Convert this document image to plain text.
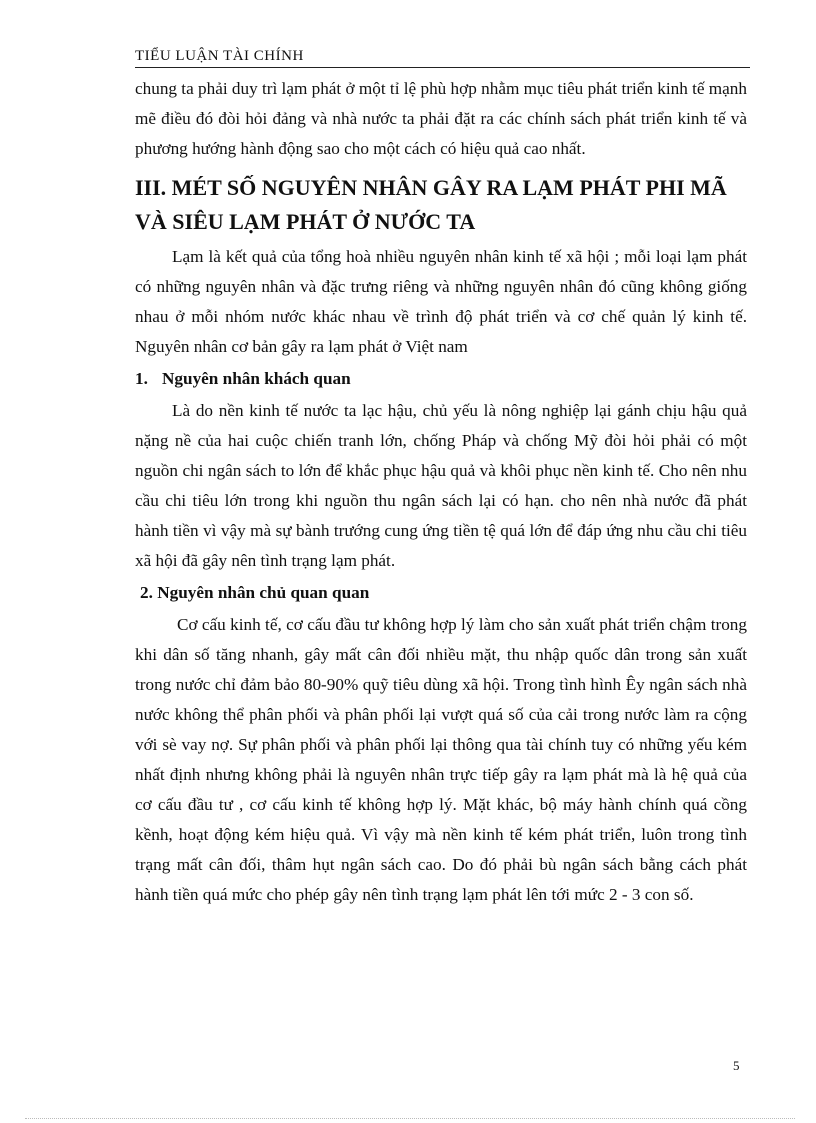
TIỂU LUẬN TÀI CHÍNH

chung ta phải duy trì lạm phát ở một tỉ lệ phù hợp nhằm mục tiêu phát triển kinh tế mạnh mẽ điều đó đòi hỏi đảng và nhà nước ta phải đặt ra các chính sách phát triển kinh tế và phương hướng hành động sao cho một cách có hiệu quả cao nhất.

III. MÉT SỐ NGUYÊN NHÂN GÂY RA LẠM PHÁT PHI MÃ VÀ SIÊU LẠM PHÁT Ở NƯỚC TA

Lạm là kết quả của tổng hoà nhiều nguyên nhân kinh tế xã hội ; mỗi loại lạm phát có những nguyên nhân và đặc trưng riêng và những nguyên nhân đó cũng không giống nhau ở mỗi nhóm nước khác nhau về trình độ phát triển và cơ chế quản lý kinh tế. Nguyên nhân cơ bản gây ra lạm phát ở Việt nam

1. Nguyên nhân khách quan

Là do nền kinh tế nước ta lạc hậu, chủ yếu là nông nghiệp lại gánh chịu hậu quả nặng nề của hai cuộc chiến tranh lớn, chống Pháp và chống Mỹ đòi hỏi phải có một nguồn chi ngân sách to lớn để khắc phục hậu quả và khôi phục nền kinh tế. Cho nên nhu cầu chi tiêu lớn trong khi nguồn thu ngân sách lại có hạn. cho nên nhà nước đã phát hành tiền vì vậy mà sự bành trướng cung ứng tiền tệ quá lớn để đáp ứng nhu cầu chi tiêu xã hội đã gây nên tình trạng lạm phát.

2. Nguyên nhân chủ quan quan

Cơ cấu kinh tế, cơ cấu đầu tư không hợp lý làm cho sản xuất phát triển chậm trong khi dân số tăng nhanh, gây mất cân đối nhiều mặt, thu nhập quốc dân trong sản xuất trong nước chỉ đảm bảo 80-90% quỹ tiêu dùng xã hội. Trong tình hình Êy ngân sách nhà nước không thể phân phối và phân phối lại vượt quá số của cải trong nước làm ra cộng với sè vay nợ. Sự phân phối và phân phối lại thông qua tài chính tuy có những yếu kém nhất định nhưng không phải là nguyên nhân trực tiếp gây ra lạm phát mà là hệ quả của cơ cấu đầu tư , cơ cấu kinh tế không hợp lý. Mặt khác, bộ máy hành chính quá cồng kềnh, hoạt động kém hiệu quả. Vì vậy mà nền kinh tế kém phát triển, luôn trong tình trạng mất cân đối, thâm hụt ngân sách cao. Do đó phải bù ngân sách bằng cách phát hành tiền quá mức cho phép gây nên tình trạng lạm phát lên tới mức 2 - 3 con số.

5
